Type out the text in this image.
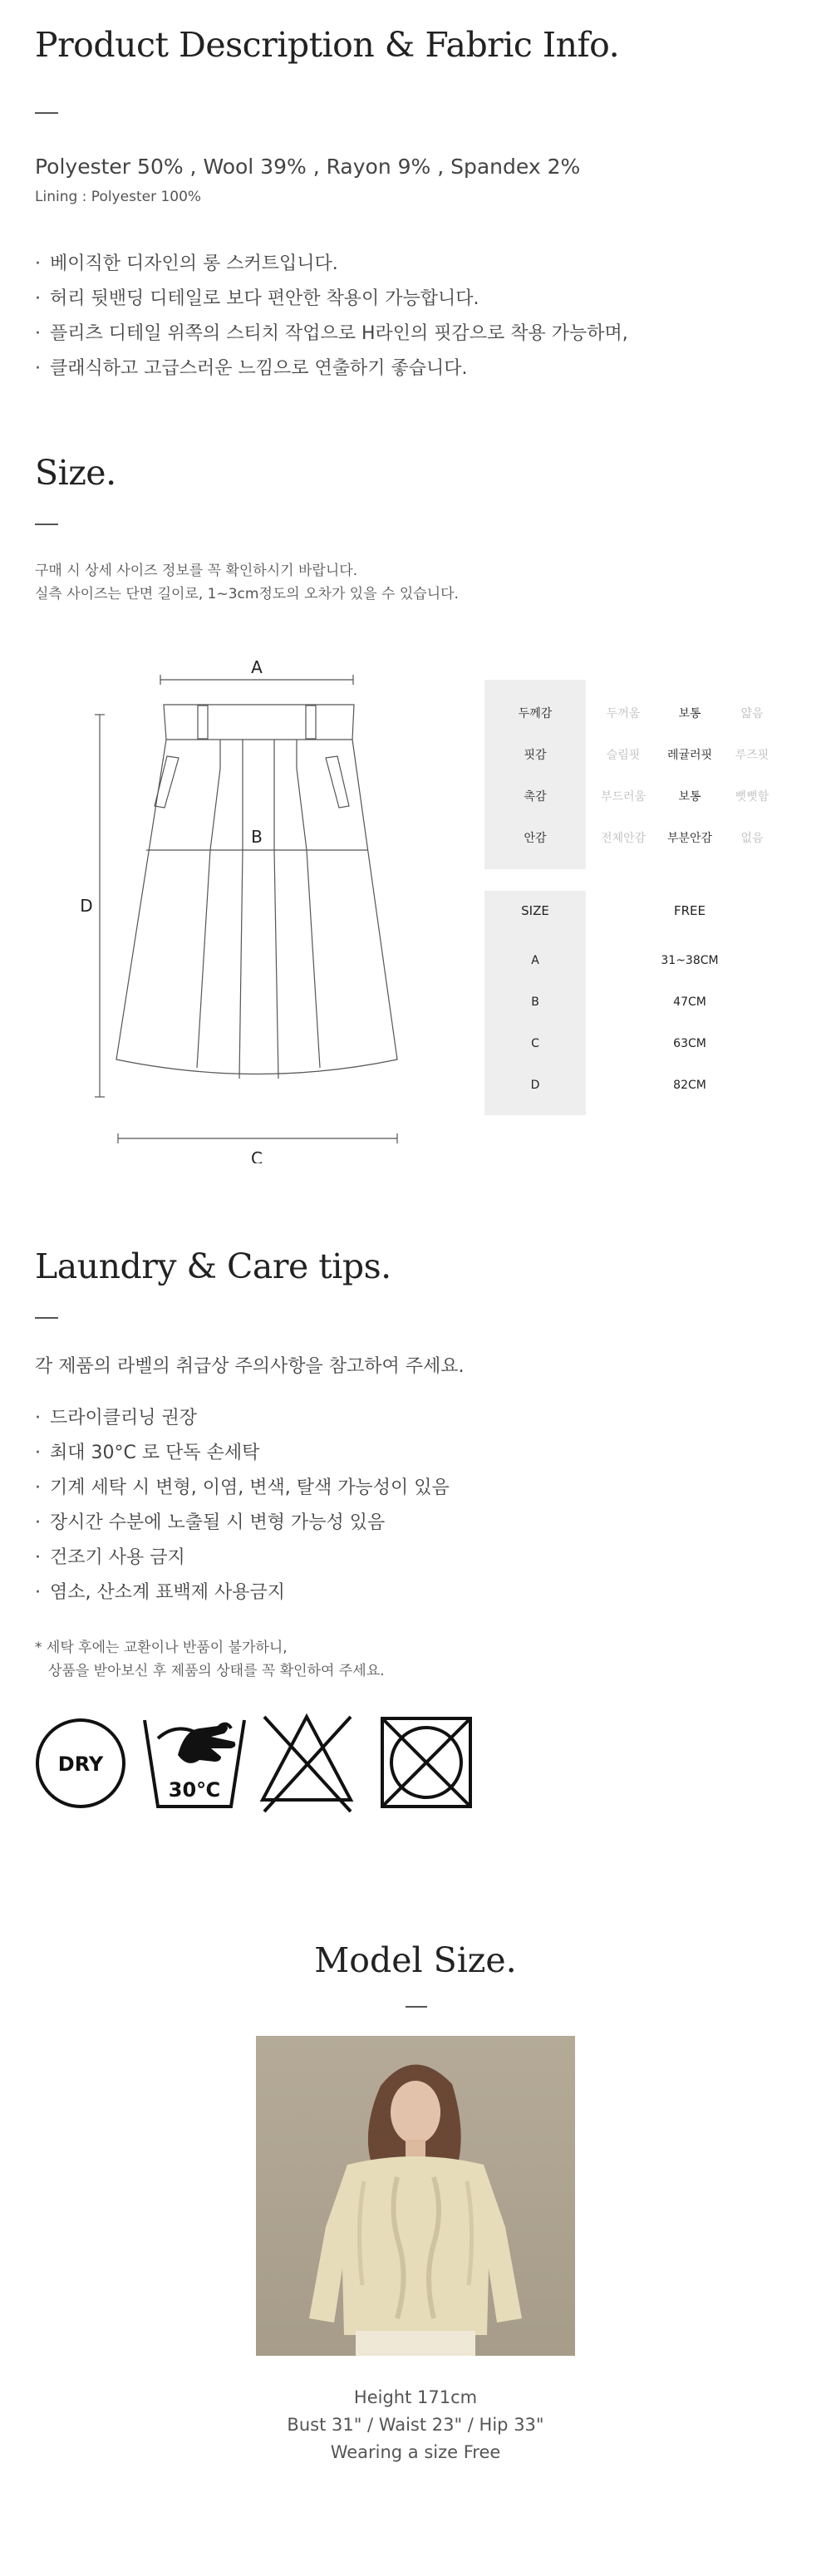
Product Description & Fabric Info.

Polyester 50% , Wool 39% , Rayon 9% , Spandex 2%

Lining : Polyester 100%

· 베이직한 디자인의 롱 스커트입니다.
· 허리 뒷밴딩 디테일로 보다 편안한 착용이 가능합니다.
· 플리츠 디테일 위쪽의 스티치 작업으로 H라인의 핏감으로 착용 가능하며,
· 클래식하고 고급스러운 느낌으로 연출하기 좋습니다.
Size.

구매 시 상세 사이즈 정보를 꼭 확인하시기 바랍니다.

실측 사이즈는 단면 길이로, 1~3cm정도의 오차가 있을 수 있습니다.

A
B
C
D
두께감	두꺼움	보통	얇음
핏감	슬림핏	레귤러핏	루즈핏
촉감	부드러움	보통	뻣뻣함
안감	전체안감	부분안감	없음
SIZE	FREE
A	31~38CM
B	47CM
C	63CM
D	82CM
Laundry & Care tips.

각 제품의 라벨의 취급상 주의사항을 참고하여 주세요.

· 드라이클리닝 권장
· 최대 30°C 로 단독 손세탁
· 기계 세탁 시 변형, 이염, 변색, 탈색 가능성이 있음
· 장시간 수분에 노출될 시 변형 가능성 있음
· 건조기 사용 금지
· 염소, 산소계 표백제 사용금지

* 세탁 후에는 교환이나 반품이 불가하니,

상품을 받아보신 후 제품의 상태를 꼭 확인하여 주세요.

DRY
30℃
Model Size.
Height 171cm
Bust 31" / Waist 23" / Hip 33"
Wearing a size Free
